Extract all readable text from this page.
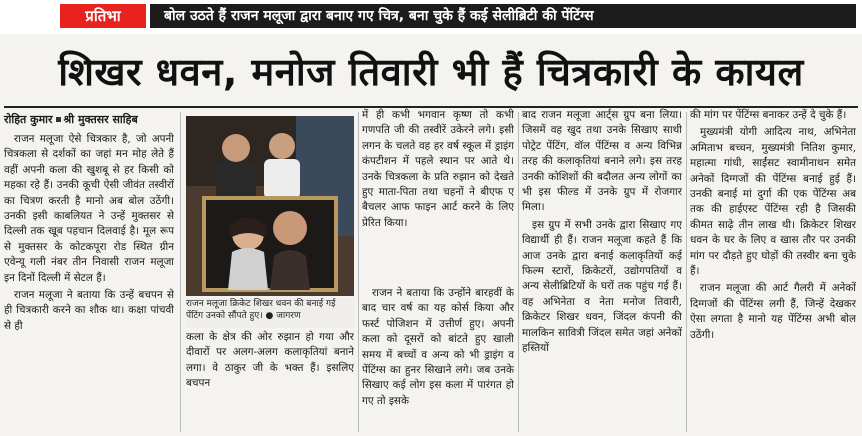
प्रतिभा	बोल उठते हैं राजन मलूजा द्वारा बनाए गए चित्र, बना चुके हैं कई सेलीब्रिटी की पेंटिंग्स
शिखर धवन, मनोज तिवारी भी हैं चित्रकारी के कायल
रोहित कुमार श्री मुक्तसर साहिब

राजन मलूजा ऐसे चित्रकार है, जो अपनी चित्रकला से दर्शकों का जहां मन मोह लेते हैं वहीं अपनी कला की खुशबू से हर किसी को महका रहे हैं। उनकी कूची ऐसी जीवंत तस्वीरों का चित्रण करती है मानो अब बोल उठेंगी। उनकी इसी काबलियत ने उन्हें मुक्तसर से दिल्ली तक खूब पहचान दिलवाई है। मूल रूप से मुक्तसर के कोटकपूरा रोड स्थित ग्रीन एवेन्यू गली नंबर तीन निवासी राजन मलूजा इन दिनों दिल्ली में सेटल हैं।

राजन मलूजा ने बताया कि उन्हें बचपन से ही चित्रकारी करने का शौक था। कक्षा पांचवी से ही

राजन मलूजा क्रिकेट शिखर धवन की बनाई गई पेंटिंग उनको सौंपते हुए। ● जागरण

कला के क्षेत्र की ओर रुझान हो गया और दीवारों पर अलग-अलग कलाकृतियां बनाने लगा। वे ठाकुर जी के भक्त हैं। इसलिए बचपन

में ही कभी भगवान कृष्ण तो कभी गणपति जी की तस्वीरें उकेरने लगे। इसी लगन के चलते वह हर वर्ष स्कूल में ड्राइंग कंपटीशन में पहले स्थान पर आते थे। उनके चित्रकला के प्रति रुझान को देखते हुए माता-पिता तथा चहनों ने बीएफ ए बैचलर आफ फाइन आर्ट करने के लिए प्रेरित किया।

राजन ने बताया कि उन्होंने बारहवीं के बाद चार वर्ष का यह कोर्स किया और फर्स्ट पोजिशन में उत्तीर्ण हुए। अपनी कला को दूसरों को बांटते हुए खाली समय में बच्चों व अन्य को भी ड्राइंग व पेंटिंग्स का हुनर सिखाने लगे। जब उनके सिखाए कई लोग इस कला में पारंगत हो गए तो इसके

बाद राजन मलूजा आर्ट्स ग्रुप बना लिया। जिसमें वह खुद तथा उनके सिखाए साथी पोट्रेट पेंटिंग, वॉल पेंटिंग्स व अन्य विभिन्न तरह की कलाकृतियां बनाने लगे। इस तरह उनकी कोशिशों की बदौलत अन्य लोगों का भी इस फील्ड में उनके ग्रुप में रोजगार मिला।

इस ग्रुप में सभी उनके द्वारा सिखाए गए विद्यार्थी ही हैं। राजन मलूजा कहते हैं कि आज उनके द्वारा बनाई कलाकृतियों कई फिल्म स्टारों, क्रिकेटरों, उद्योगपतियों व अन्य सेलीब्रिटियों के घरों तक पहुंच गई हैं। वह अभिनेता व नेता मनोज तिवारी, क्रिकेटर शिखर धवन, जिंदल कंपनी की मालकिन सावित्री जिंदल समेत जहां अनेकों हस्तियों

की मांग पर पेंटिंग्स बनाकर उन्हें दे चुके हैं।

मुख्यमंत्री योगी आदित्य नाथ, अभिनेता अमिताभ बच्चन, मुख्यमंत्री नितिश कुमार, महात्मा गांधी, साईंसट स्वामीनाथन समेत अनेकों दिग्गजों की पेंटिंग्स बनाई हुई हैं। उनकी बनाई मां दुर्गा की एक पेंटिंग्स अब तक की हाईएस्ट पेंटिंग्स रही है जिसकी कीमत साढ़े तीन लाख थी। क्रिकेटर शिखर धवन के घर के लिए व खास तौर पर उनकी मांग पर दौड़ते हुए घोड़ों की तस्वीर बना चुके हैं।

राजन मलूजा की आर्ट गैलरी में अनेकों दिग्गजों की पेंटिंग्स लगी हैं, जिन्हें देखकर ऐसा लगता है मानो यह पेंटिंग्स अभी बोल उठेंगी।
